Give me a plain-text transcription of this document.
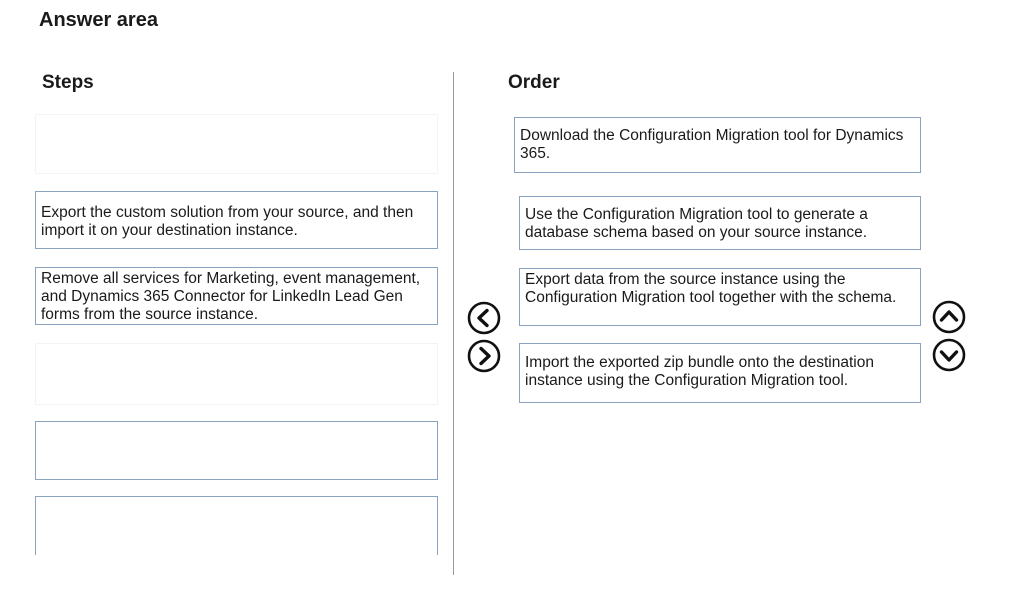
Answer area
Steps	Order
Export the custom solution from your source, and then import it on your destination instance.
Remove all services for Marketing, event management, and Dynamics 365 Connector for LinkedIn Lead Gen forms from the source instance.
Download the Configuration Migration tool for Dynamics 365.
Use the Configuration Migration tool to generate a database schema based on your source instance.
Export data from the source instance using the Configuration Migration tool together with the schema.
Import the exported zip bundle onto the destination instance using the Configuration Migration tool.
